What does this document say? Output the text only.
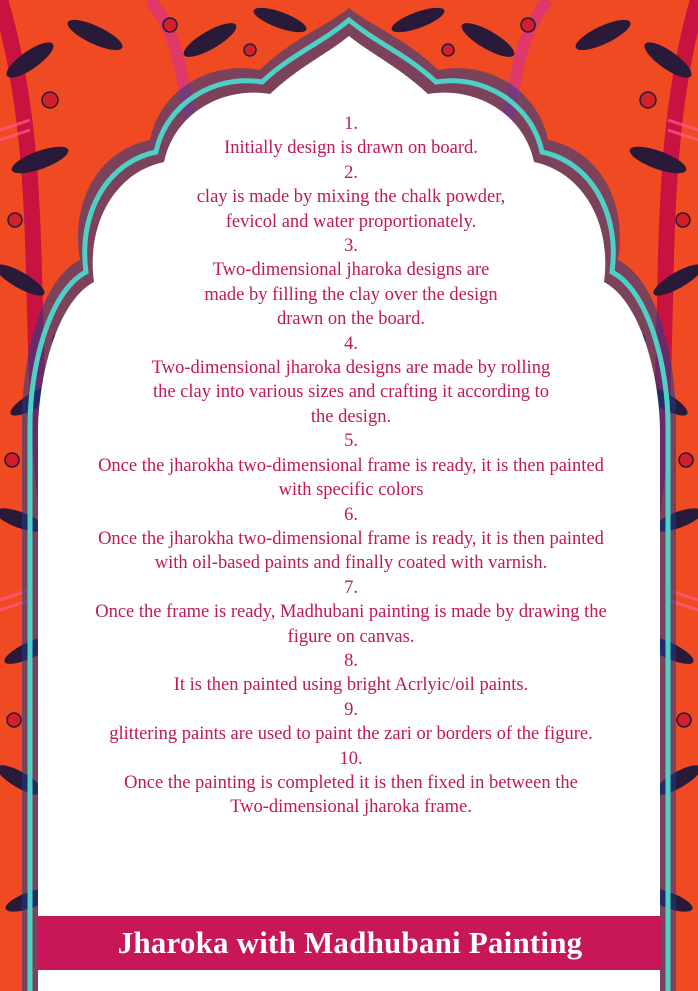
1.
Initially design is drawn on board.
2.
clay is made by mixing the chalk powder,
fevicol and water proportionately.
3.
Two-dimensional jharoka designs are
made by filling the clay over the design
drawn on the board.
4.
Two-dimensional jharoka designs are made by rolling
the clay into various sizes and crafting it according to
the design.
5.
Once the jharokha two-dimensional frame is ready, it is then painted
with specific colors
6.
Once the jharokha two-dimensional frame is ready, it is then painted
with oil-based paints and finally coated with varnish.
7.
Once the frame is ready, Madhubani painting is made by drawing the
figure on canvas.
8.
It is then painted using bright Acrlyic/oil paints.
9.
glittering paints are used to paint the zari or borders of the figure.
10.
Once the painting is completed it is then fixed in between the
Two-dimensional jharoka frame.
Jharoka with Madhubani Painting
